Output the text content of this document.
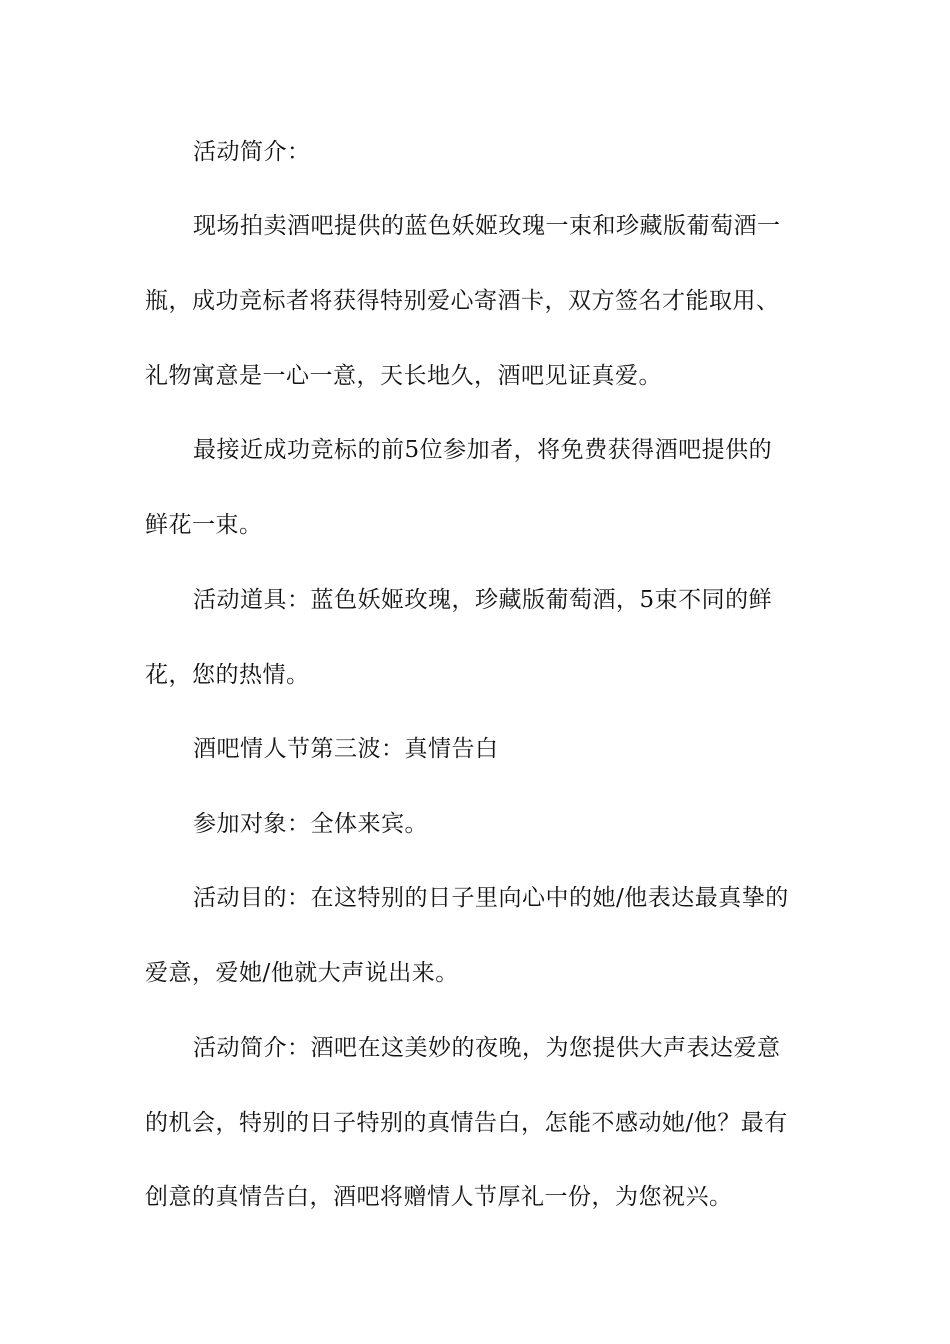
活动简介：
现场拍卖酒吧提供的蓝色妖姬玫瑰一束和珍藏版葡萄酒一
瓶，成功竞标者将获得特别爱心寄酒卡，双方签名才能取用、
礼物寓意是一心一意，天长地久，酒吧见证真爱。
最接近成功竞标的前5位参加者，将免费获得酒吧提供的
鲜花一束。
活动道具：蓝色妖姬玫瑰，珍藏版葡萄酒，5束不同的鲜
花，您的热情。
酒吧情人节第三波：真情告白
参加对象：全体来宾。
活动目的：在这特别的日子里向心中的她/他表达最真挚的
爱意，爱她/他就大声说出来。
活动简介：酒吧在这美妙的夜晚，为您提供大声表达爱意
的机会，特别的日子特别的真情告白，怎能不感动她/他？最有
创意的真情告白，酒吧将赠情人节厚礼一份，为您祝兴。
